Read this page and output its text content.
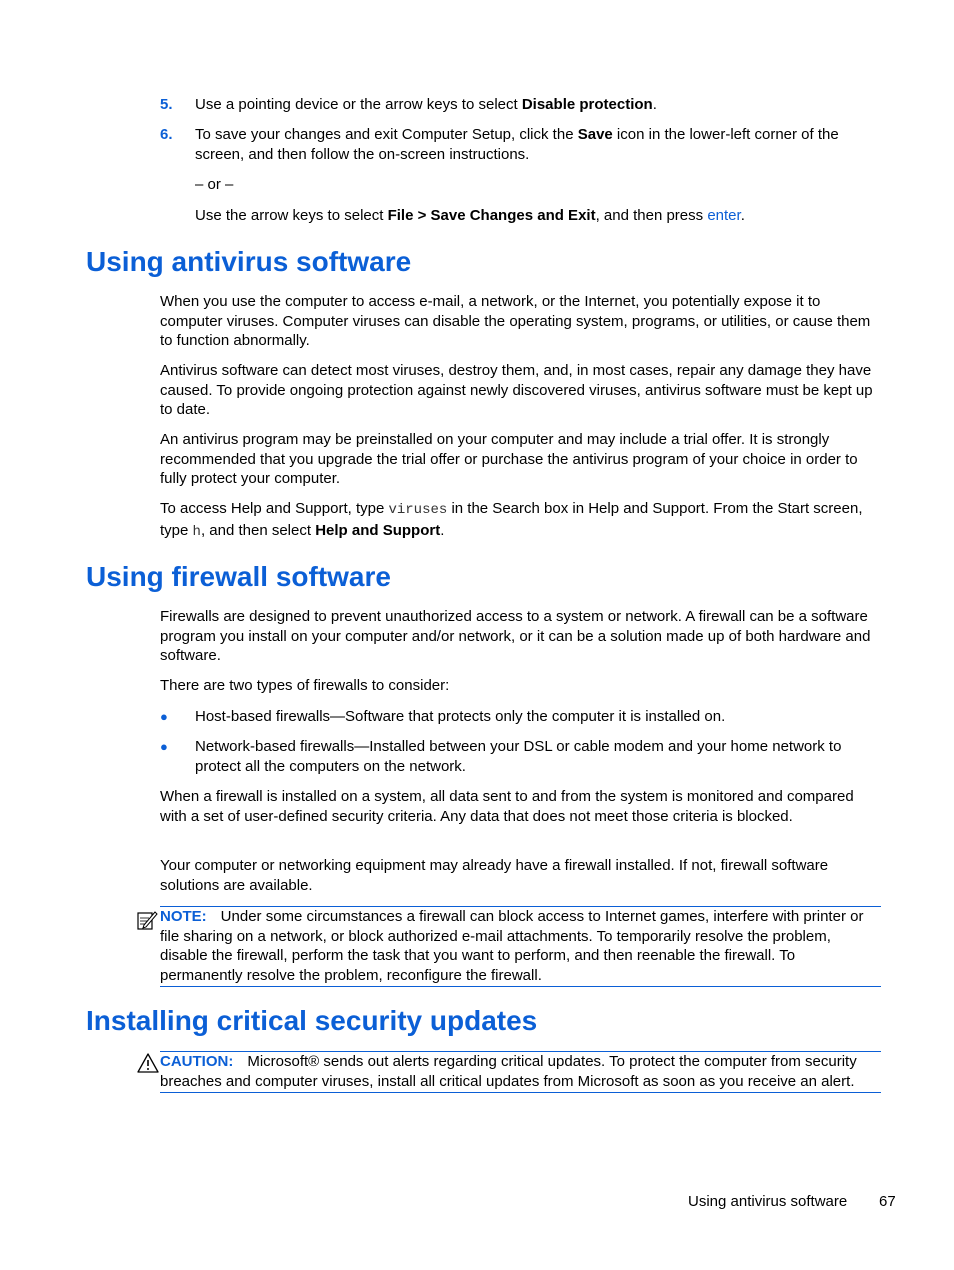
5. Use a pointing device or the arrow keys to select Disable protection.

6. To save your changes and exit Computer Setup, click the Save icon in the lower-left corner of the screen, and then follow the on-screen instructions.

– or –

Use the arrow keys to select File > Save Changes and Exit, and then press enter.

Using antivirus software

When you use the computer to access e-mail, a network, or the Internet, you potentially expose it to computer viruses. Computer viruses can disable the operating system, programs, or utilities, or cause them to function abnormally.

Antivirus software can detect most viruses, destroy them, and, in most cases, repair any damage they have caused. To provide ongoing protection against newly discovered viruses, antivirus software must be kept up to date.

An antivirus program may be preinstalled on your computer and may include a trial offer. It is strongly recommended that you upgrade the trial offer or purchase the antivirus program of your choice in order to fully protect your computer.

To access Help and Support, type viruses in the Search box in Help and Support. From the Start screen, type h, and then select Help and Support.

Using firewall software

Firewalls are designed to prevent unauthorized access to a system or network. A firewall can be a software program you install on your computer and/or network, or it can be a solution made up of both hardware and software.

There are two types of firewalls to consider:

● Host-based firewalls—Software that protects only the computer it is installed on.

● Network-based firewalls—Installed between your DSL or cable modem and your home network to protect all the computers on the network.

When a firewall is installed on a system, all data sent to and from the system is monitored and compared with a set of user-defined security criteria. Any data that does not meet those criteria is blocked.

Your computer or networking equipment may already have a firewall installed. If not, firewall software solutions are available.

NOTE: Under some circumstances a firewall can block access to Internet games, interfere with printer or file sharing on a network, or block authorized e-mail attachments. To temporarily resolve the problem, disable the firewall, perform the task that you want to perform, and then reenable the firewall. To permanently resolve the problem, reconfigure the firewall.

Installing critical security updates

CAUTION: Microsoft® sends out alerts regarding critical updates. To protect the computer from security breaches and computer viruses, install all critical updates from Microsoft as soon as you receive an alert.

Using antivirus software 67
